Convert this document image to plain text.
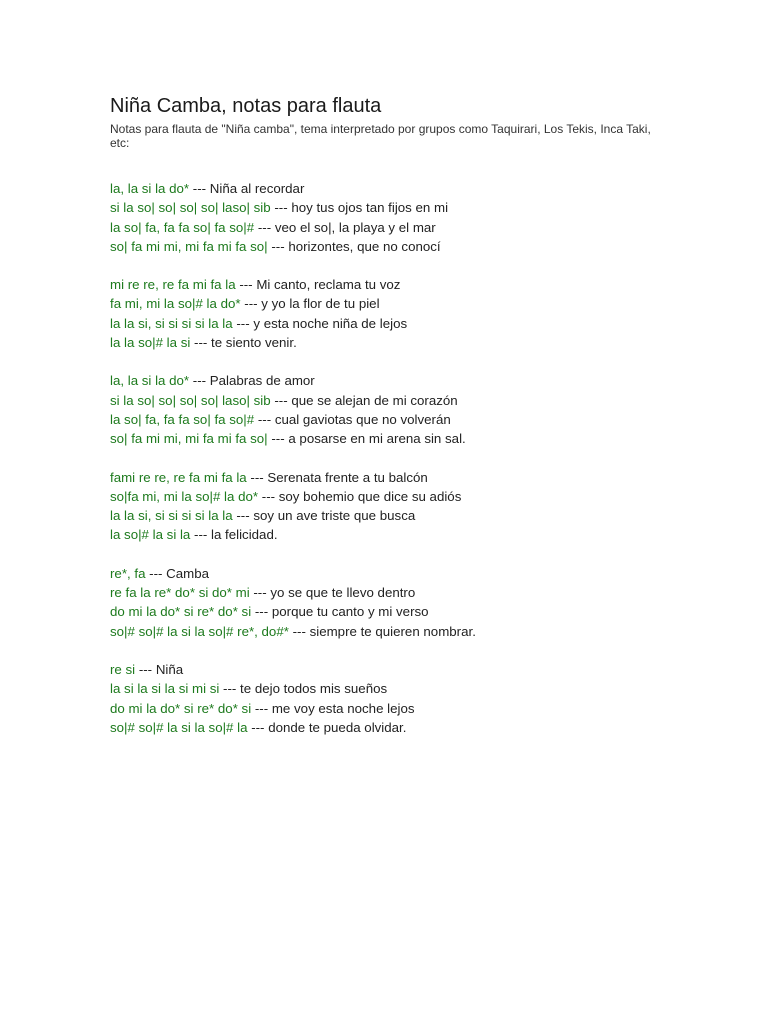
Niña Camba, notas para flauta
Notas para flauta de "Niña camba", tema interpretado por grupos como Taquirari, Los Tekis, Inca Taki, etc:
la, la si la do* --- Niña al recordar
si la so| so| so| so| laso| sib --- hoy tus ojos tan fijos en mi
la so| fa, fa fa so| fa so|# --- veo el so|, la playa y el mar
so| fa mi mi, mi fa mi fa so| --- horizontes, que no conocí
mi re re, re fa mi fa la --- Mi canto, reclama tu voz
fa mi, mi la so|# la do* --- y yo la flor de tu piel
la la si, si si si si la la --- y esta noche niña de lejos
la la so|# la si --- te siento venir.
la, la si la do* --- Palabras de amor
si la so| so| so| so| laso| sib --- que se alejan de mi corazón
la so| fa, fa fa so| fa so|# --- cual gaviotas que no volverán
so| fa mi mi, mi fa mi fa so| --- a posarse en mi arena sin sal.
fami re re, re fa mi fa la --- Serenata frente a tu balcón
so|fa mi, mi la so|# la do* --- soy bohemio que dice su adiós
la la si, si si si si la la --- soy un ave triste que busca
la so|# la si la --- la felicidad.
re*, fa --- Camba
re fa la re* do* si do* mi --- yo se que te llevo dentro
do mi la do* si re* do* si --- porque tu canto y mi verso
so|# so|# la si la so|# re*, do#* --- siempre te quieren nombrar.
re si --- Niña
la si la si la si mi si --- te dejo todos mis sueños
do mi la do* si re* do* si --- me voy esta noche lejos
so|# so|# la si la so|# la --- donde te pueda olvidar.
